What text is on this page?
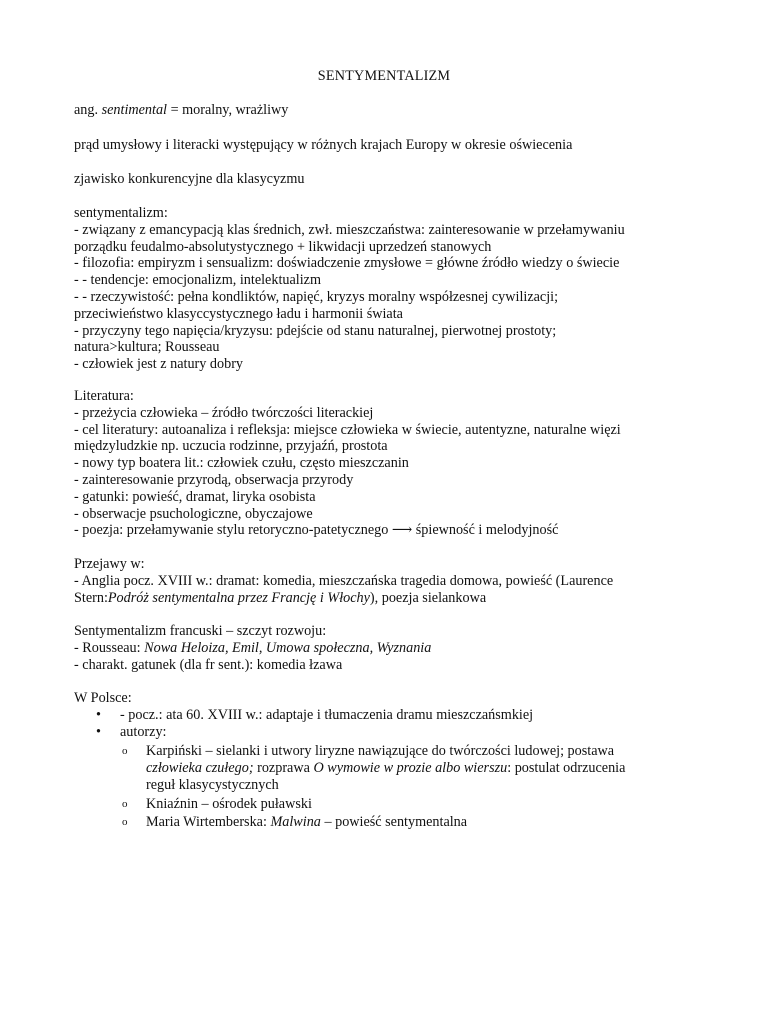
SENTYMENTALIZM
ang. sentimental = moralny, wrażliwy
prąd umysłowy i literacki występujący w różnych krajach Europy w okresie oświecenia
zjawisko konkurencyjne dla klasycyzmu
sentymentalizm:
- związany z emancypacją klas średnich, zwł. mieszczaństwa: zainteresowanie w przełamywaniu
porządku feudalmo-absolutystycznego + likwidacji uprzedzeń stanowych
- filozofia: empiryzm i sensualizm: doświadczenie zmysłowe = główne źródło wiedzy o świecie
- - tendencje: emocjonalizm, intelektualizm
- - rzeczywistość: pełna kondliktów, napięć, kryzys moralny współzesnej cywilizacji;
przeciwieństwo klasyccystycznego ładu i harmonii świata
- przyczyny tego napięcia/kryzysu: pdejście od stanu naturalnej, pierwotnej prostoty;
natura>kultura; Rousseau
- człowiek jest z natury dobry
Literatura:
- przeżycia człowieka – źródło twórczości literackiej
- cel literatury: autoanaliza i refleksja: miejsce człowieka w świecie, autentyzne, naturalne więzi
międzyludzkie np. uczucia rodzinne, przyjaźń, prostota
- nowy typ boatera lit.: człowiek czułu, często mieszczanin
- zainteresowanie przyrodą, obserwacja przyrody
- gatunki: powieść, dramat, liryka osobista
- obserwacje psuchologiczne, obyczajowe
- poezja: przełamywanie stylu retoryczno-patetycznego ⟶ śpiewność i melodyjność
Przejawy w:
- Anglia pocz. XVIII w.: dramat: komedia, mieszczańska tragedia domowa, powieść (Laurence
Stern:Podróż sentymentalna przez Francję i Włochy), poezja sielankowa
Sentymentalizm francuski – szczyt rozwoju:
- Rousseau: Nowa Heloiza, Emil, Umowa społeczna, Wyznania
- charakt. gatunek (dla fr sent.): komedia łzawa
W Polsce:
• - pocz.: ata 60. XVIII w.: adaptaje i tłumaczenia dramu mieszczańsmkiej
• autorzy:
o Karpiński – sielanki i utwory liryzne nawiązujące do twórczości ludowej; postawa
człowieka czułego; rozprawa O wymowie w prozie albo wierszu: postulat odrzucenia
reguł klasycystycznych
o Kniaźnin – ośrodek puławski
o Maria Wirtemberska: Malwina – powieść sentymentalna
